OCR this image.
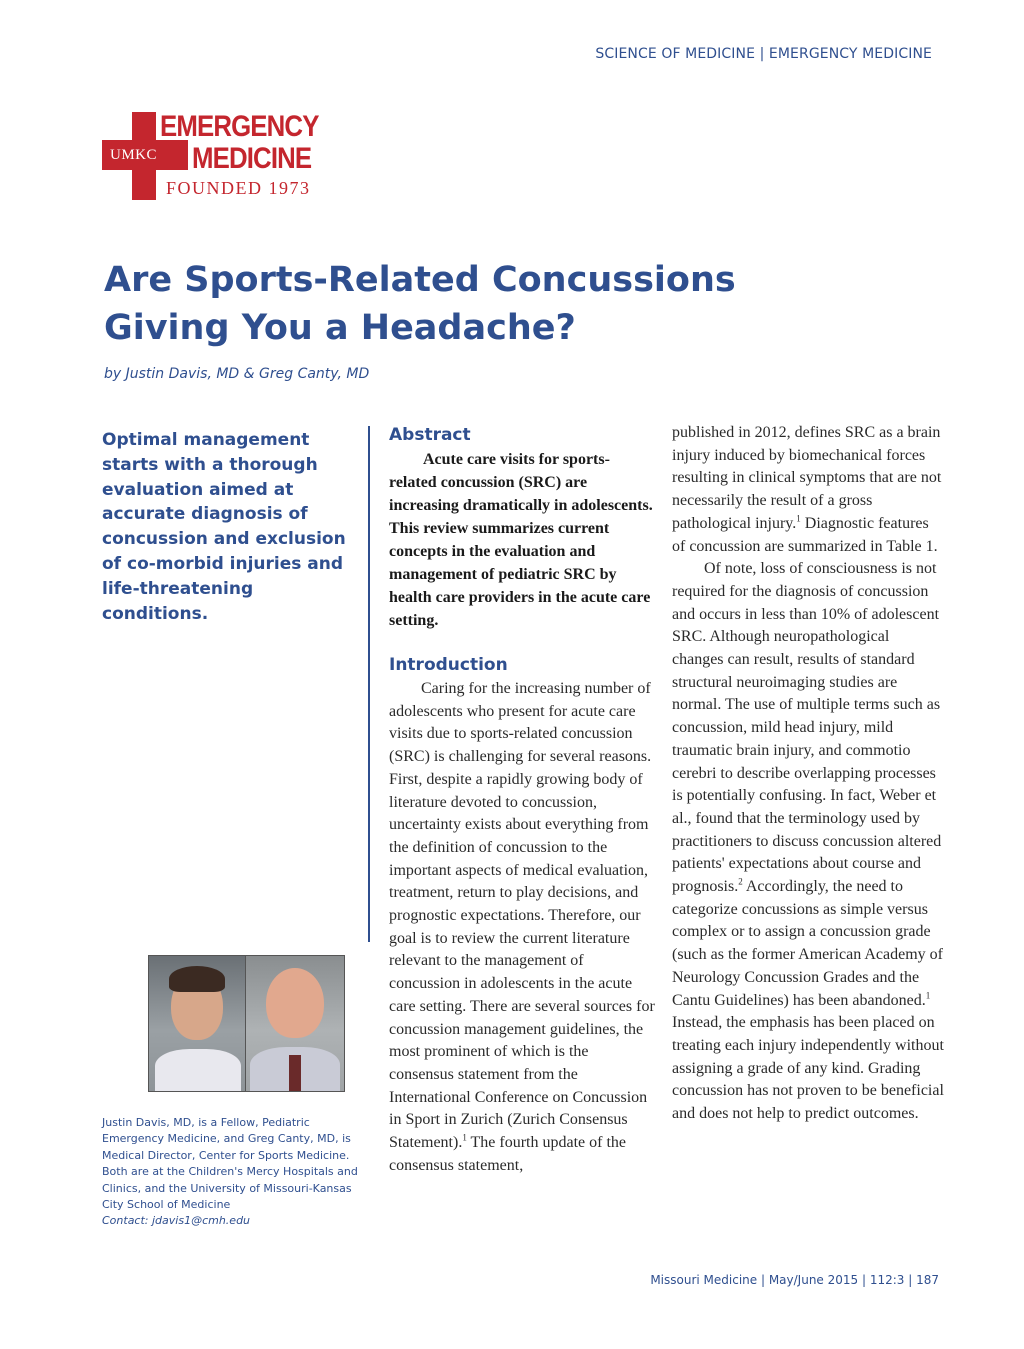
SCIENCE OF MEDICINE | EMERGENCY MEDICINE
UMKC
EMERGENCY
MEDICINE
FOUNDED 1973
Are Sports-Related Concussions Giving You a Headache?
by Justin Davis, MD & Greg Canty, MD
Optimal management starts with a thorough evaluation aimed at accurate diagnosis of concussion and exclusion of co-morbid injuries and life-threatening conditions.
Justin Davis, MD, is a Fellow, Pediatric Emergency Medicine, and Greg Canty, MD, is Medical Director, Center for Sports Medicine. Both are at the Children's Mercy Hospitals and Clinics, and the University of Missouri-Kansas City School of Medicine
Contact: jdavis1@cmh.edu
Abstract

Acute care visits for sports-related concussion (SRC) are increasing dramatically in adolescents. This review summarizes current concepts in the evaluation and management of pediatric SRC by health care providers in the acute care setting.

Introduction

Caring for the increasing number of adolescents who present for acute care visits due to sports-related concussion (SRC) is challenging for several reasons. First, despite a rapidly growing body of literature devoted to concussion, uncertainty exists about everything from the definition of concussion to the important aspects of medical evaluation, treatment, return to play decisions, and prognostic expectations. Therefore, our goal is to review the current literature relevant to the management of concussion in adolescents in the acute care setting. There are several sources for concussion management guidelines, the most prominent of which is the consensus statement from the International Conference on Concussion in Sport in Zurich (Zurich Consensus Statement).$^1$ The fourth update of the consensus statement,

published in 2012, defines SRC as a brain injury induced by biomechanical forces resulting in clinical symptoms that are not necessarily the result of a gross pathological injury.$^1$ Diagnostic features of concussion are summarized in Table 1.

Of note, loss of consciousness is not required for the diagnosis of concussion and occurs in less than 10% of adolescent SRC. Although neuropathological changes can result, results of standard structural neuroimaging studies are normal. The use of multiple terms such as concussion, mild head injury, mild traumatic brain injury, and commotio cerebri to describe overlapping processes is potentially confusing. In fact, Weber et al., found that the terminology used by practitioners to discuss concussion altered patients' expectations about course and prognosis.$^2$ Accordingly, the need to categorize concussions as simple versus complex or to assign a concussion grade (such as the former American Academy of Neurology Concussion Grades and the Cantu Guidelines) has been abandoned.$^1$ Instead, the emphasis has been placed on treating each injury independently without assigning a grade of any kind. Grading concussion has not proven to be beneficial and does not help to predict outcomes.

Missouri Medicine | May/June 2015 | 112:3 | 187
